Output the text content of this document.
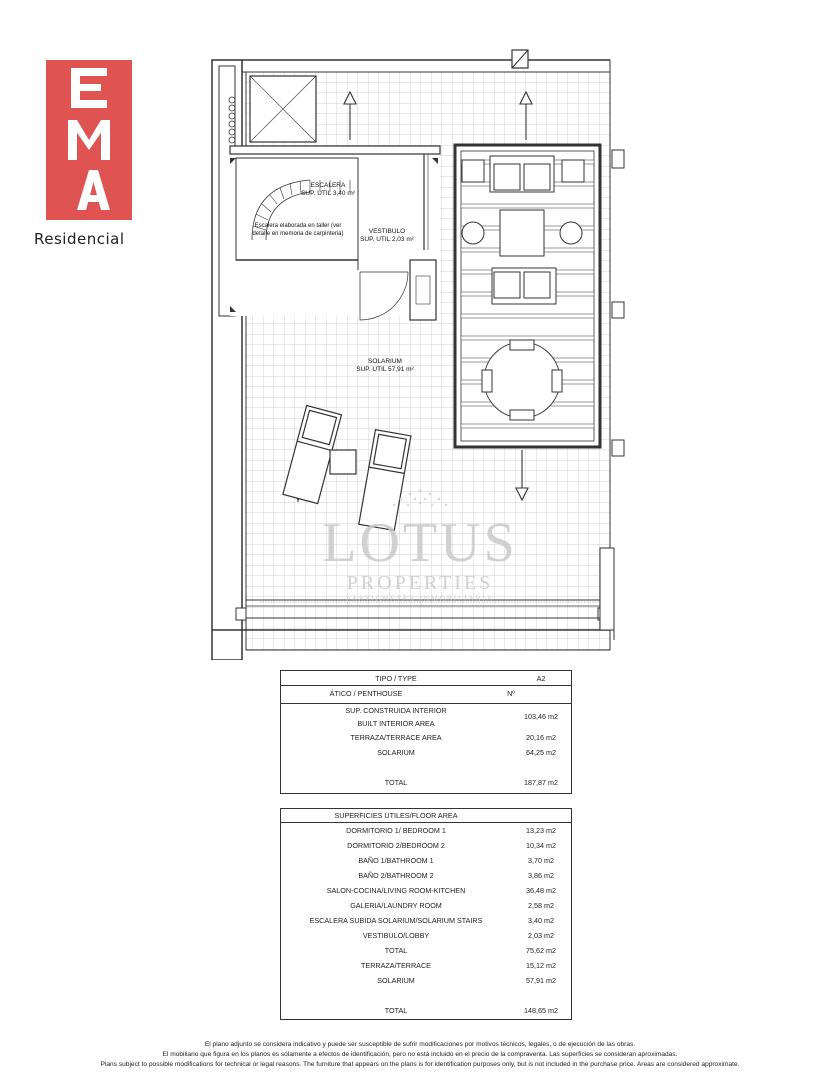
Residencial
ESCALERA
SUP. UTIL 3,40 m²
Escalera elaborada en taller (ver detalle en memoria de carpinteria)	VESTIBULO
SUP. UTIL 2,03 m²
SOLARIUM
SUP. UTIL 57,91 m²
LOTUS
PROPERTIES
FASTIGHETER INMOBILIARIA
TIPO / TYPE	A2
ÁTICO / PENTHOUSE	Nº
SUP. CONSTRUIDA INTERIOR
BUILT INTERIOR AREA
103,46 m2
TERRAZA/TERRACE AREA	20,16 m2
SOLARIUM	64,25 m2
TOTAL	187,87 m2
SUPERFICIES UTILES/FLOOR AREA
DORMITORIO 1/ BEDROOM 1	13,23 m2
DORMITORIO 2/BEDROOM 2	10,34 m2
BAÑO 1/BATHROOM 1	3,70 m2
BAÑO 2/BATHROOM 2	3,86 m2
SALON-COCINA/LIVING ROOM-KITCHEN	36,48 m2
GALERIA/LAUNDRY ROOM	2,58 m2
ESCALERA SUBIDA SOLARIUM/SOLARIUM STAIRS	3,40 m2
VESTIBULO/LOBBY	2,03 m2
TOTAL	75,62 m2
TERRAZA/TERRACE	15,12 m2
SOLARIUM	57,91 m2
TOTAL	148,65 m2
El plano adjunto se considera indicativo y puede ser susceptible de sufrir modificaciones por motivos técnicos, legales, o de ejecución de las obras.
El mobiliario que figura en los planos es sólamente a efectos de identificación, pero no está incluido en el precio de la compraventa. Las superficies se consideran aproximadas.
Plans subject to possible modifications for technical or legal reasons. The furniture that appears on the plans is for identification purposes only, but is not included in the purchase price. Areas are considered approximate.
